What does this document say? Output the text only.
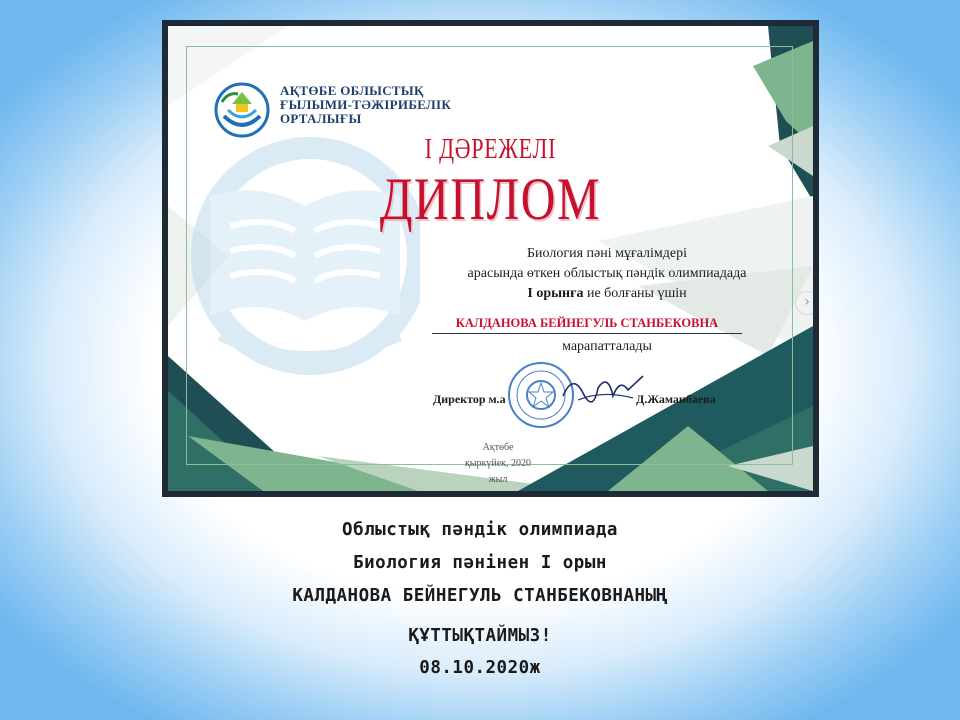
АҚТӨБЕ ОБЛЫСТЫҚ
ҒЫЛЫМИ-ТӘЖІРИБЕЛІК
ОРТАЛЫҒЫ
І ДӘРЕЖЕЛІ
ДИПЛОМ
Биология пәні мұғалімдері
арасында өткен облыстық пәндік олимпиадада
І орынға ие болғаны үшін
КАЛДАНОВА БЕЙНЕГУЛЬ СТАНБЕКОВНА
марапатталады
Директор м.а	Д.Жаманбаева
Ақтөбе
қыркүйек, 2020 жыл
›
Облыстық пәндік олимпиада
Биология пәнінен І орын
КАЛДАНОВА БЕЙНЕГУЛЬ СТАНБЕКОВНАНЫҢ
ҚҰТТЫҚТАЙМЫЗ!
08.10.2020ж
